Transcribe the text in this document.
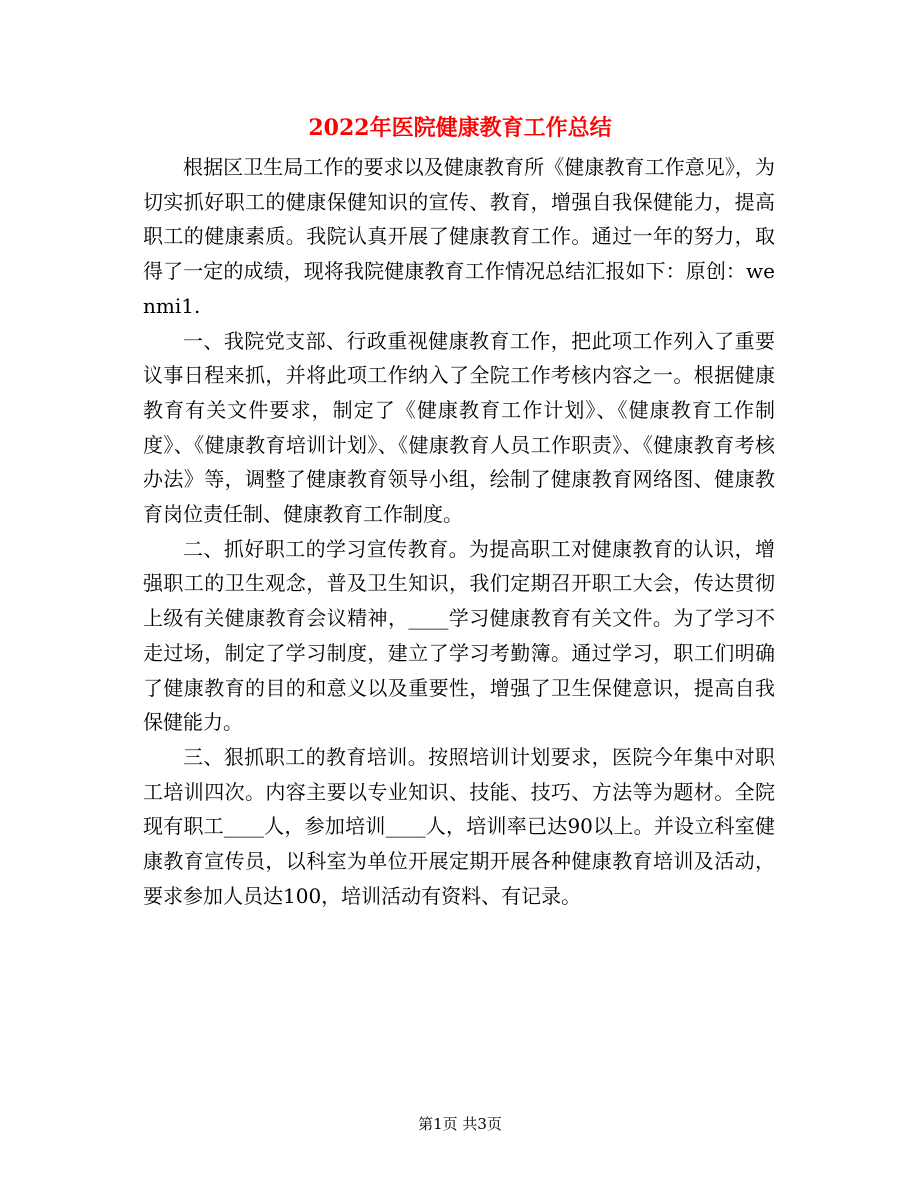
2022年医院健康教育工作总结

根据区卫生局工作的要求以及健康教育所《健康教育工作意见》，为切实抓好职工的健康保健知识的宣传、教育，增强自我保健能力，提高职工的健康素质。我院认真开展了健康教育工作。通过一年的努力，取得了一定的成绩，现将我院健康教育工作情况总结汇报如下：原创：wenmi1.

一、我院党支部、行政重视健康教育工作，把此项工作列入了重要议事日程来抓，并将此项工作纳入了全院工作考核内容之一。根据健康教育有关文件要求，制定了《健康教育工作计划》、《健康教育工作制度》、《健康教育培训计划》、《健康教育人员工作职责》、《健康教育考核办法》等，调整了健康教育领导小组，绘制了健康教育网络图、健康教育岗位责任制、健康教育工作制度。

二、抓好职工的学习宣传教育。为提高职工对健康教育的认识，增强职工的卫生观念，普及卫生知识，我们定期召开职工大会，传达贯彻上级有关健康教育会议精神，____学习健康教育有关文件。为了学习不走过场，制定了学习制度，建立了学习考勤簿。通过学习，职工们明确了健康教育的目的和意义以及重要性，增强了卫生保健意识，提高自我保健能力。

三、狠抓职工的教育培训。按照培训计划要求，医院今年集中对职工培训四次。内容主要以专业知识、技能、技巧、方法等为题材。全院现有职工____人，参加培训____人，培训率已达90以上。并设立科室健康教育宣传员，以科室为单位开展定期开展各种健康教育培训及活动，要求参加人员达100，培训活动有资料、有记录。

第1页 共3页
